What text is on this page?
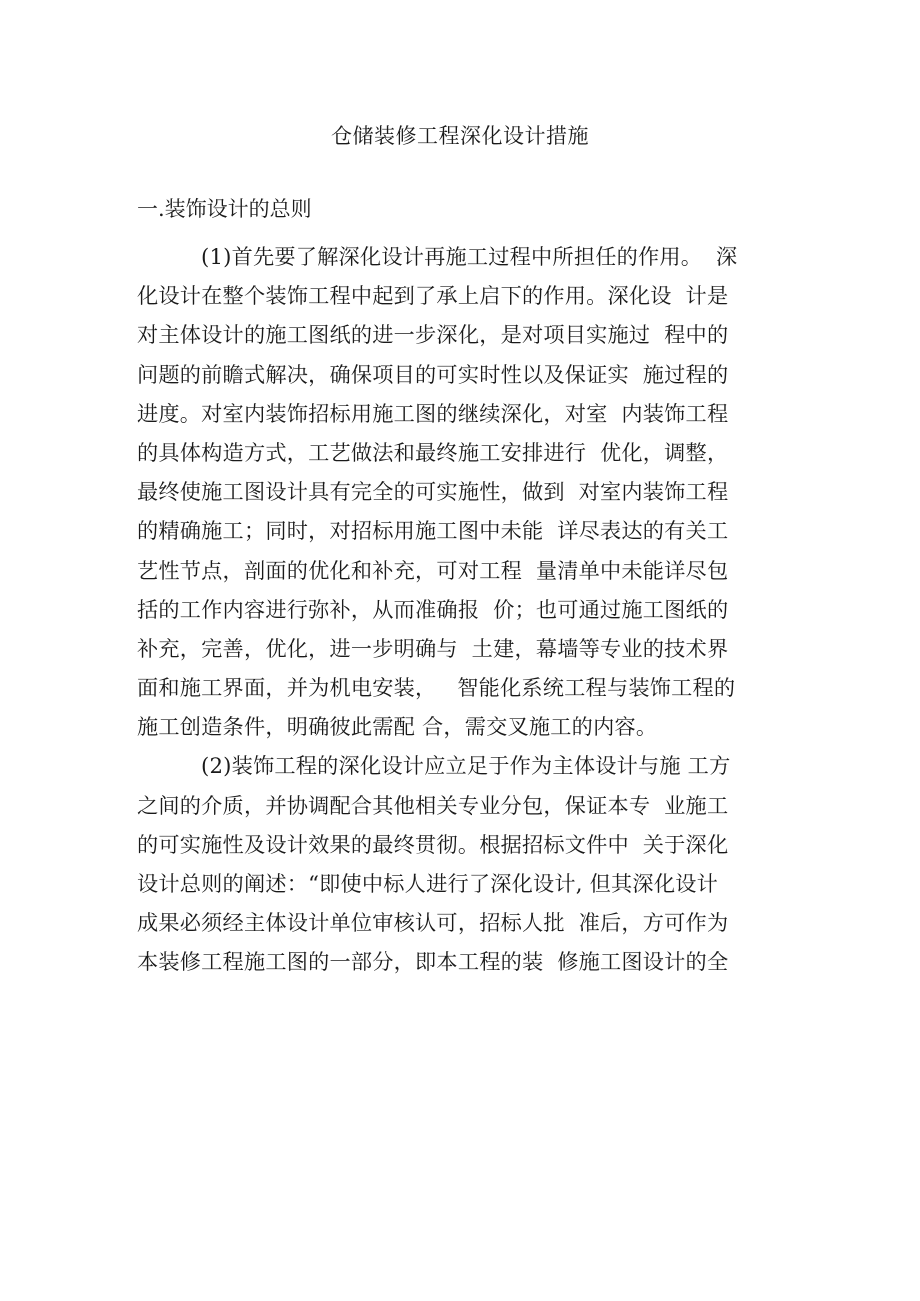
仓储装修工程深化设计措施
一.装饰设计的总则
(1)首先要了解深化设计再施工过程中所担任的作用。  深
化设计在整个装饰工程中起到了承上启下的作用。深化设  计是
对主体设计的施工图纸的进一步深化，是对项目实施过  程中的
问题的前瞻式解决，确保项目的可实时性以及保证实  施过程的
进度。对室内装饰招标用施工图的继续深化，对室  内装饰工程
的具体构造方式，工艺做法和最终施工安排进行  优化，调整，
最终使施工图设计具有完全的可实施性，做到  对室内装饰工程
的精确施工；同时，对招标用施工图中未能  详尽表达的有关工
艺性节点，剖面的优化和补充，可对工程  量清单中未能详尽包
括的工作内容进行弥补，从而准确报  价；也可通过施工图纸的
补充，完善，优化，进一步明确与  土建，幕墙等专业的技术界
面和施工界面，并为机电安装，   智能化系统工程与装饰工程的
施工创造条件，明确彼此需配 合，需交叉施工的内容。
(2)装饰工程的深化设计应立足于作为主体设计与施 工方
之间的介质，并协调配合其他相关专业分包，保证本专  业施工
的可实施性及设计效果的最终贯彻。根据招标文件中  关于深化
设计总则的阐述：“即使中标人进行了深化设计, 但其深化设计
成果必须经主体设计单位审核认可，招标人批  准后，方可作为
本装修工程施工图的一部分，即本工程的装  修施工图设计的全
